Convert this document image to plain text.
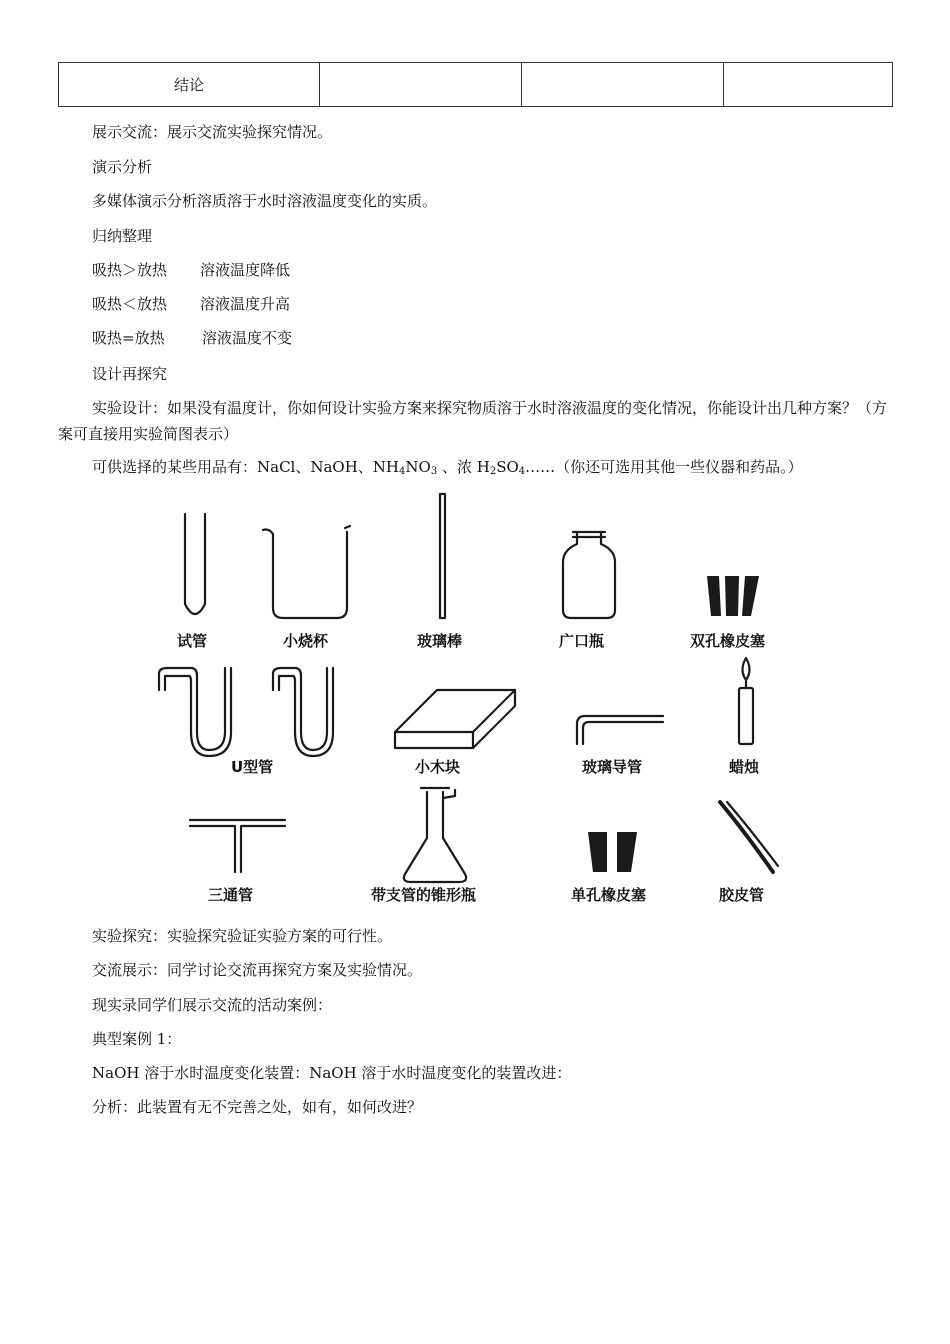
结论
展示交流：展示交流实验探究情况。
演示分析
多媒体演示分析溶质溶于水时溶液温度变化的实质。
归纳整理
吸热＞放热 溶液温度降低
吸热＜放热 溶液温度升高
吸热=放热 溶液温度不变
设计再探究
实验设计：如果没有温度计，你如何设计实验方案来探究物质溶于水时溶液温度的变化情况，你能设计出几种方案？（方案可直接用实验简图表示）
可供选择的某些用品有：NaCl、NaOH、$NH_4NO_3$ 、浓 $H_2SO_4\dots\dots$（你还可选用其他一些仪器和药品。）
试管	小烧杯	玻璃棒	广口瓶	双孔橡皮塞
U型管	小木块	玻璃导管	蜡烛
三通管	带支管的锥形瓶	单孔橡皮塞	胶皮管
实验探究：实验探究验证实验方案的可行性。
交流展示：同学讨论交流再探究方案及实验情况。
现实录同学们展示交流的活动案例：
典型案例 1：
NaOH 溶于水时温度变化装置：NaOH 溶于水时温度变化的装置改进：
分析：此装置有无不完善之处，如有，如何改进？
